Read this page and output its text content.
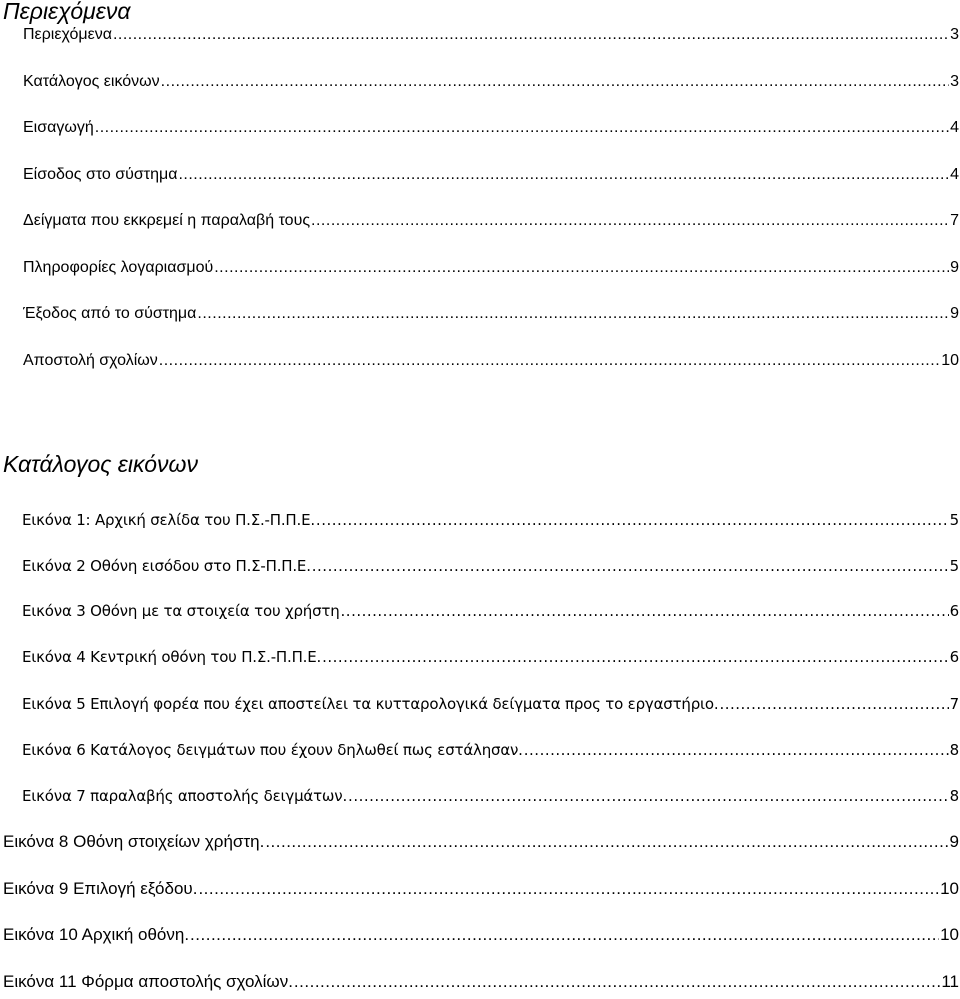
Περιεχόμενα
Περιεχόμενα .....	3
Κατάλογος εικόνων .....	3
Εισαγωγή .....	4
Είσοδος στο σύστημα .....	4
Δείγματα που εκκρεμεί η παραλαβή τους .....	7
Πληροφορίες λογαριασμού .....	9
Έξοδος από το σύστημα .....	9
Αποστολή σχολίων .....	10
Κατάλογος εικόνων
Εικόνα 1: Αρχική σελίδα του Π.Σ.-Π.Π.Ε. .....	5
Εικόνα 2 Οθόνη εισόδου στο Π.Σ-Π.Π.Ε. .....	5
Εικόνα 3 Οθόνη με τα στοιχεία του χρήστη .....	6
Εικόνα 4 Κεντρική οθόνη του Π.Σ.-Π.Π.Ε. .....	6
Εικόνα 5 Επιλογή φορέα που έχει αποστείλει τα κυτταρολογικά δείγματα προς το εργαστήριο. .....	7
Εικόνα 6 Κατάλογος δειγμάτων που έχουν δηλωθεί πως εστάλησαν. .....	8
Εικόνα 7 παραλαβής αποστολής δειγμάτων. .....	8
Εικόνα 8 Οθόνη στοιχείων χρήστη. .....	9
Εικόνα 9 Επιλογή εξόδου. .....	10
Εικόνα 10 Αρχική οθόνη. .....	10
Εικόνα 11 Φόρμα αποστολής σχολίων. .....	11
